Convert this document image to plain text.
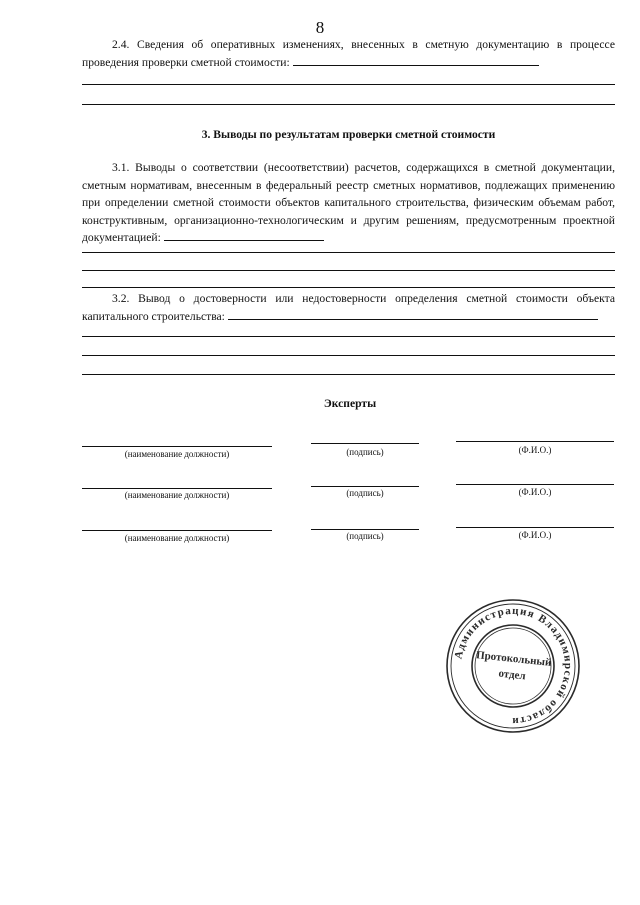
8
2.4. Сведения об оперативных изменениях, внесенных в сметную документацию в процессе проведения проверки сметной стоимости:
3. Выводы по результатам проверки сметной стоимости
3.1. Выводы о соответствии (несоответствии) расчетов, содержащихся в сметной документации, сметным нормативам, внесенным в федеральный реестр сметных нормативов, подлежащих применению при определении сметной стоимости объектов капитального строительства, физическим объемам работ, конструктивным, организационно-технологическим и другим решениям, предусмотренным проектной документацией:
3.2. Вывод о достоверности или недостоверности определения сметной стоимости объекта капитального строительства:
Эксперты
(наименование должности)	(подпись)	(Ф.И.О.)
(наименование должности)	(подпись)	(Ф.И.О.)
(наименование должности)	(подпись)	(Ф.И.О.)
Администрация Владимирской области
Протокольный
отдел
